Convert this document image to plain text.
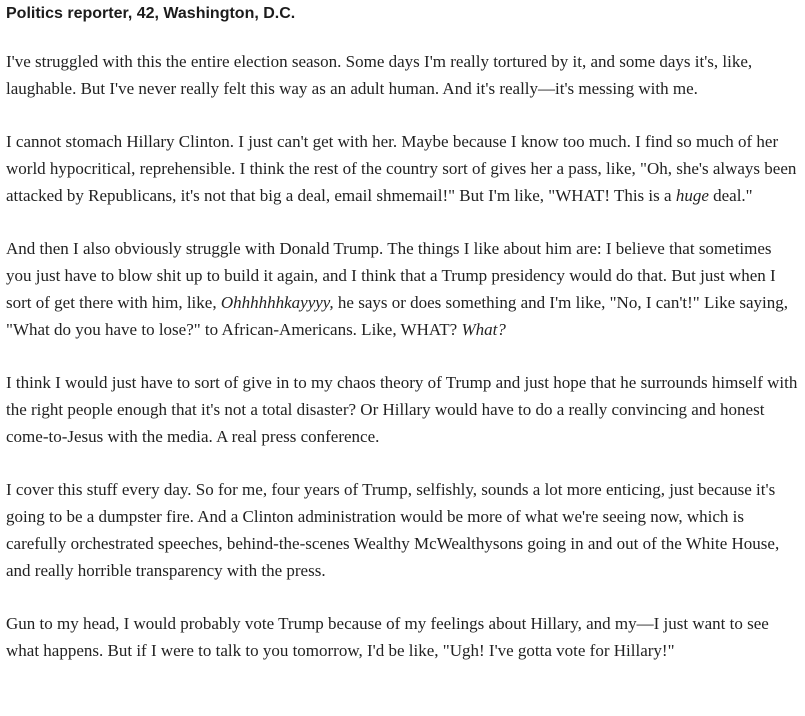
Politics reporter, 42, Washington, D.C.

I've struggled with this the entire election season. Some days I'm really tortured by it, and some days it's, like, laughable. But I've never really felt this way as an adult human. And it's really—it's messing with me.

I cannot stomach Hillary Clinton. I just can't get with her. Maybe because I know too much. I find so much of her world hypocritical, reprehensible. I think the rest of the country sort of gives her a pass, like, "Oh, she's always been attacked by Republicans, it's not that big a deal, email shmemail!" But I'm like, "WHAT! This is a huge deal."

And then I also obviously struggle with Donald Trump. The things I like about him are: I believe that sometimes you just have to blow shit up to build it again, and I think that a Trump presidency would do that. But just when I sort of get there with him, like, Ohhhhhhkayyyy, he says or does something and I'm like, "No, I can't!" Like saying, "What do you have to lose?" to African-Americans. Like, WHAT? What?

I think I would just have to sort of give in to my chaos theory of Trump and just hope that he surrounds himself with the right people enough that it's not a total disaster? Or Hillary would have to do a really convincing and honest come-to-Jesus with the media. A real press conference.

I cover this stuff every day. So for me, four years of Trump, selfishly, sounds a lot more enticing, just because it's going to be a dumpster fire. And a Clinton administration would be more of what we're seeing now, which is carefully orchestrated speeches, behind-the-scenes Wealthy McWealthysons going in and out of the White House, and really horrible transparency with the press.

Gun to my head, I would probably vote Trump because of my feelings about Hillary, and my—I just want to see what happens. But if I were to talk to you tomorrow, I'd be like, "Ugh! I've gotta vote for Hillary!"
